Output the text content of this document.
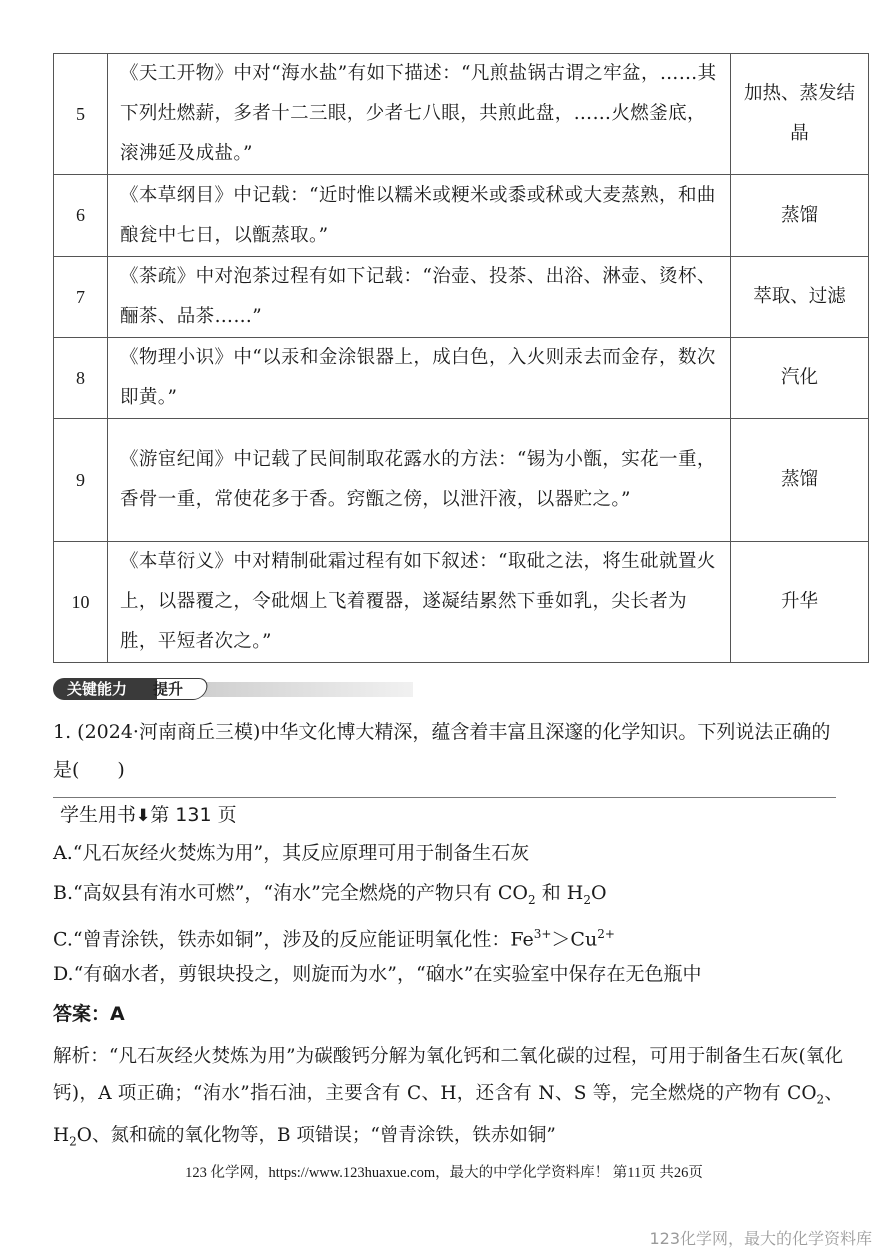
5	《天工开物》中对“海水盐”有如下描述：“凡煎盐锅古谓之牢盆，……其下列灶燃薪，多者十二三眼，少者七八眼，共煎此盘，……火燃釜底，滚沸延及成盐。”	加热、蒸发结晶
6	《本草纲目》中记载：“近时惟以糯米或粳米或黍或秫或大麦蒸熟，和曲酿瓮中七日，以甑蒸取。”	蒸馏
7	《茶疏》中对泡茶过程有如下记载：“治壶、投茶、出浴、淋壶、烫杯、酾茶、品茶……”	萃取、过滤
8	《物理小识》中“以汞和金涂银器上，成白色，入火则汞去而金存，数次即黄。”	汽化
9	《游宦纪闻》中记载了民间制取花露水的方法：“锡为小甑，实花一重，香骨一重，常使花多于香。窍甑之傍，以泄汗液，以器贮之。”	蒸馏
10	《本草衍义》中对精制砒霜过程有如下叙述：“取砒之法，将生砒就置火上，以器覆之，令砒烟上飞着覆器，遂凝结累然下垂如乳，尖长者为胜，平短者次之。”	升华
关键能力	提升

1. (2024·河南商丘三模)中华文化博大精深，蕴含着丰富且深邃的化学知识。下列说法正确的是(　　)

学生用书⬇第 131 页
A.“凡石灰经火焚炼为用”，其反应原理可用于制备生石灰
B.“高奴县有洧水可燃”，“洧水”完全燃烧的产物只有 $CO_2$ 和 $H_2O$
C.“曾青涂铁，铁赤如铜”，涉及的反应能证明氧化性：$Fe^{3+}>Cu^{2+}$
D.“有硇水者，剪银块投之，则旋而为水”，“硇水”在实验室中保存在无色瓶中
答案：A

解析：“凡石灰经火焚炼为用”为碳酸钙分解为氧化钙和二氧化碳的过程，可用于制备生石灰(氧化钙)，A 项正确；“洧水”指石油，主要含有 C、H，还含有 N、S 等，完全燃烧的产物有 $CO_2$、$H_2O$、氮和硫的氧化物等，B 项错误；“曾青涂铁，铁赤如铜”

123 化学网，https://www.123huaxue.com，最大的中学化学资料库！ 第11页 共26页
123化学网，最大的化学资料库
